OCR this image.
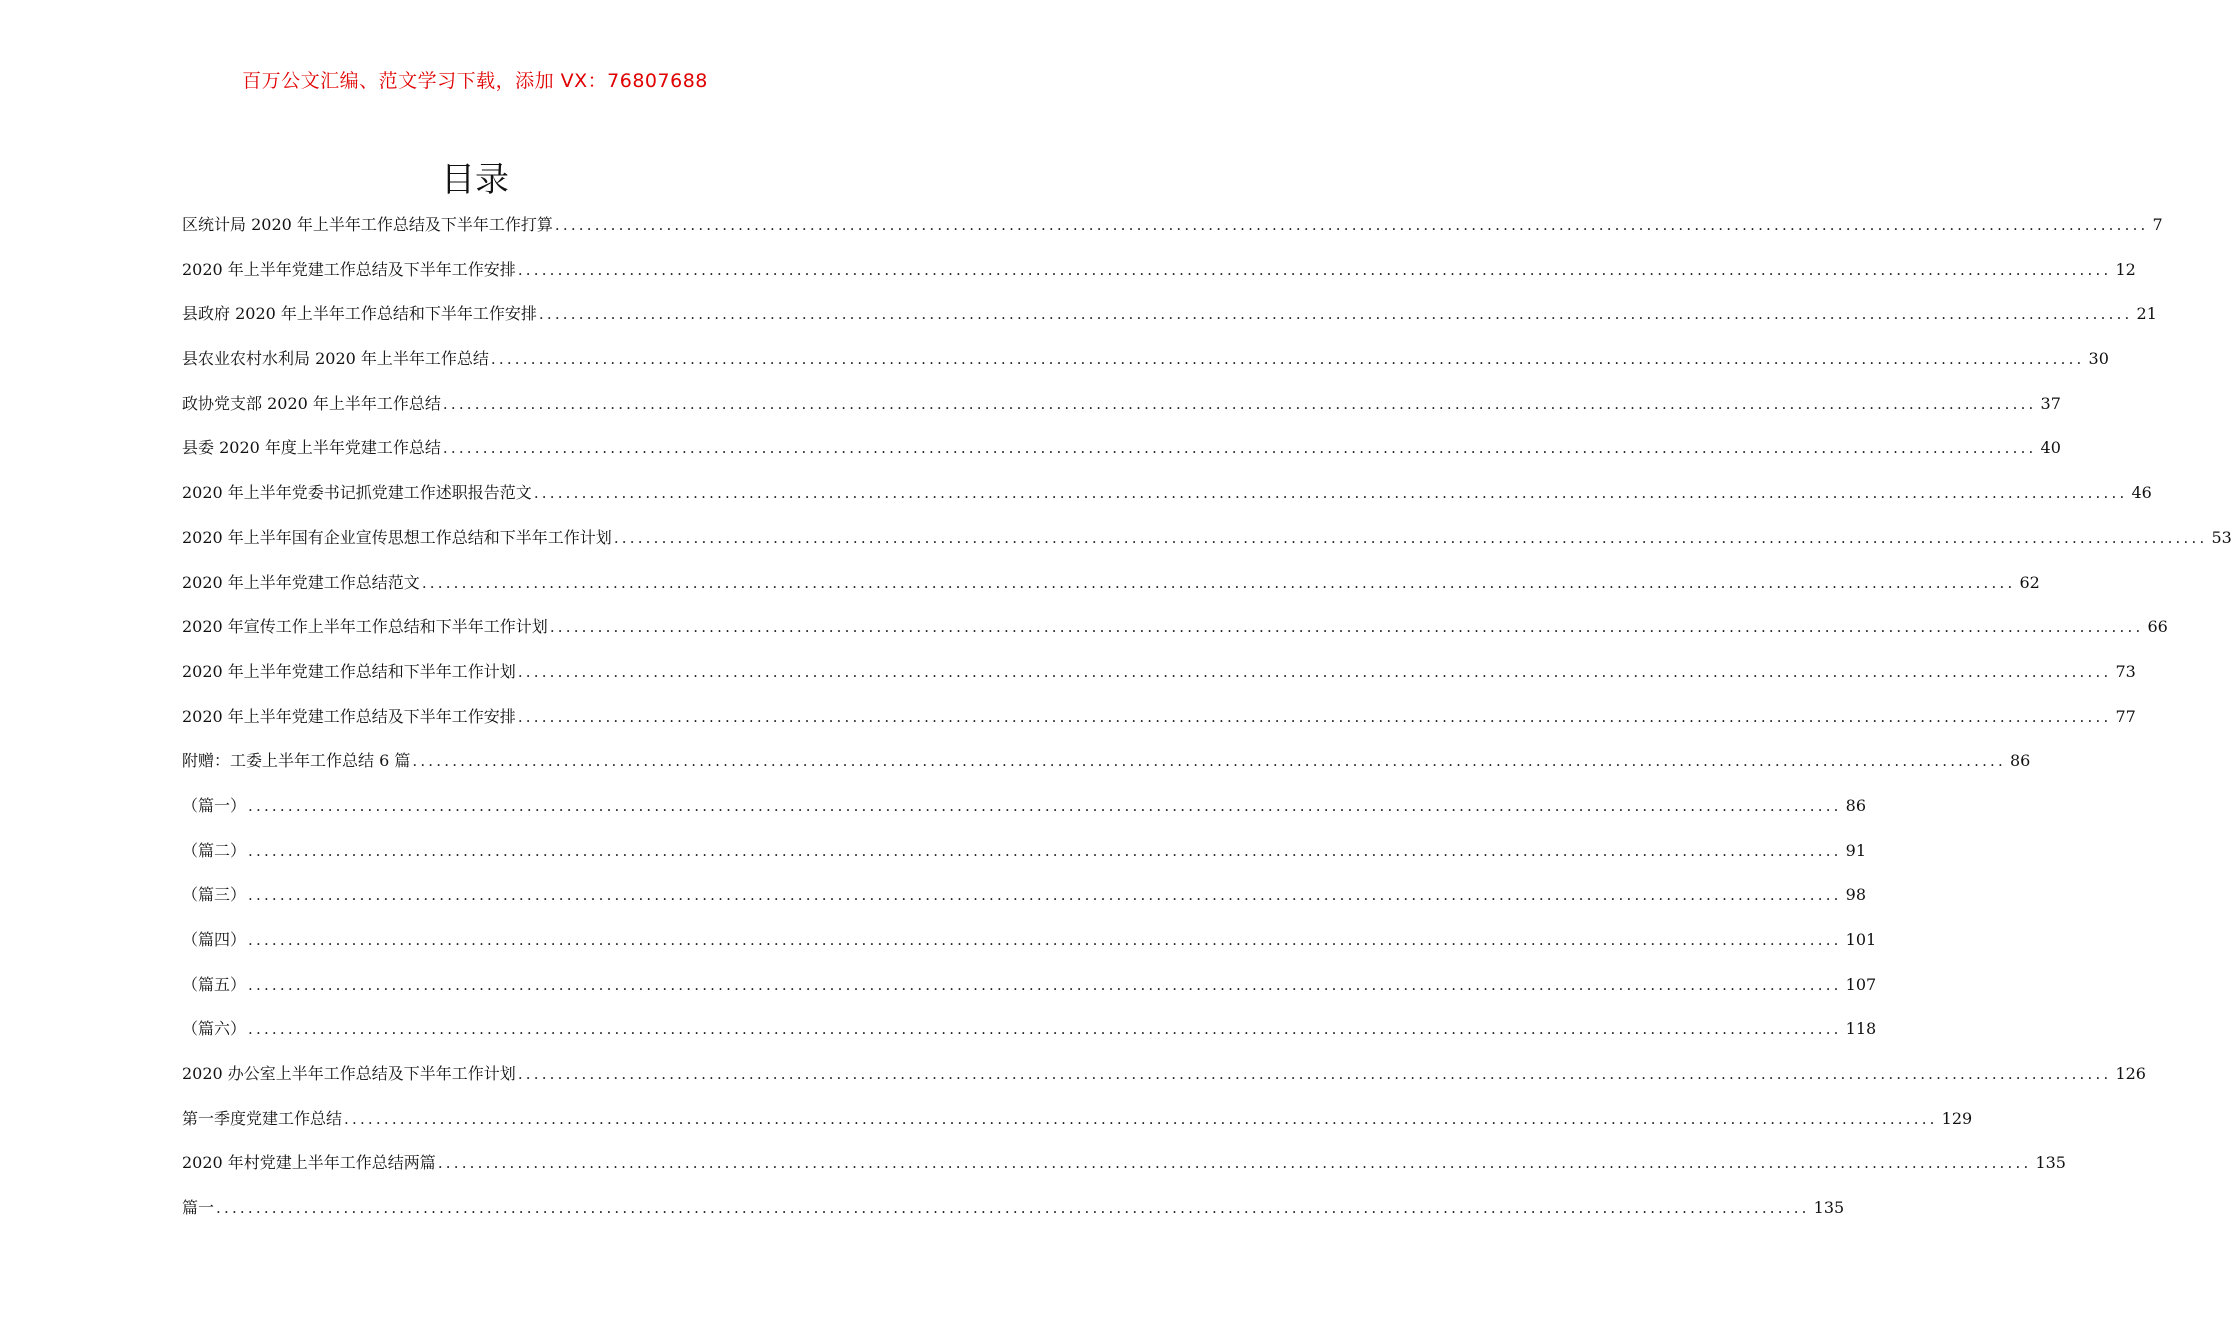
百万公文汇编、范文学习下载，添加 VX：76807688
目录
区统计局 2020 年上半年工作总结及下半年工作打算 ........................................................................................................................................................................................................ 7
2020 年上半年党建工作总结及下半年工作安排 ........................................................................................................................................................................................................ 12
县政府 2020 年上半年工作总结和下半年工作安排 ........................................................................................................................................................................................................ 21
县农业农村水利局 2020 年上半年工作总结 ........................................................................................................................................................................................................ 30
政协党支部 2020 年上半年工作总结 ........................................................................................................................................................................................................ 37
县委 2020 年度上半年党建工作总结 ........................................................................................................................................................................................................ 40
2020 年上半年党委书记抓党建工作述职报告范文 ........................................................................................................................................................................................................ 46
2020 年上半年国有企业宣传思想工作总结和下半年工作计划 ........................................................................................................................................................................................................ 53
2020 年上半年党建工作总结范文 ........................................................................................................................................................................................................ 62
2020 年宣传工作上半年工作总结和下半年工作计划 ........................................................................................................................................................................................................ 66
2020 年上半年党建工作总结和下半年工作计划 ........................................................................................................................................................................................................ 73
2020 年上半年党建工作总结及下半年工作安排 ........................................................................................................................................................................................................ 77
附赠：工委上半年工作总结 6 篇 ........................................................................................................................................................................................................ 86
（篇一） ........................................................................................................................................................................................................ 86
（篇二） ........................................................................................................................................................................................................ 91
（篇三） ........................................................................................................................................................................................................ 98
（篇四） ........................................................................................................................................................................................................ 101
（篇五） ........................................................................................................................................................................................................ 107
（篇六） ........................................................................................................................................................................................................ 118
2020 办公室上半年工作总结及下半年工作计划 ........................................................................................................................................................................................................ 126
第一季度党建工作总结 ........................................................................................................................................................................................................ 129
2020 年村党建上半年工作总结两篇 ........................................................................................................................................................................................................ 135
篇一 ........................................................................................................................................................................................................ 135
